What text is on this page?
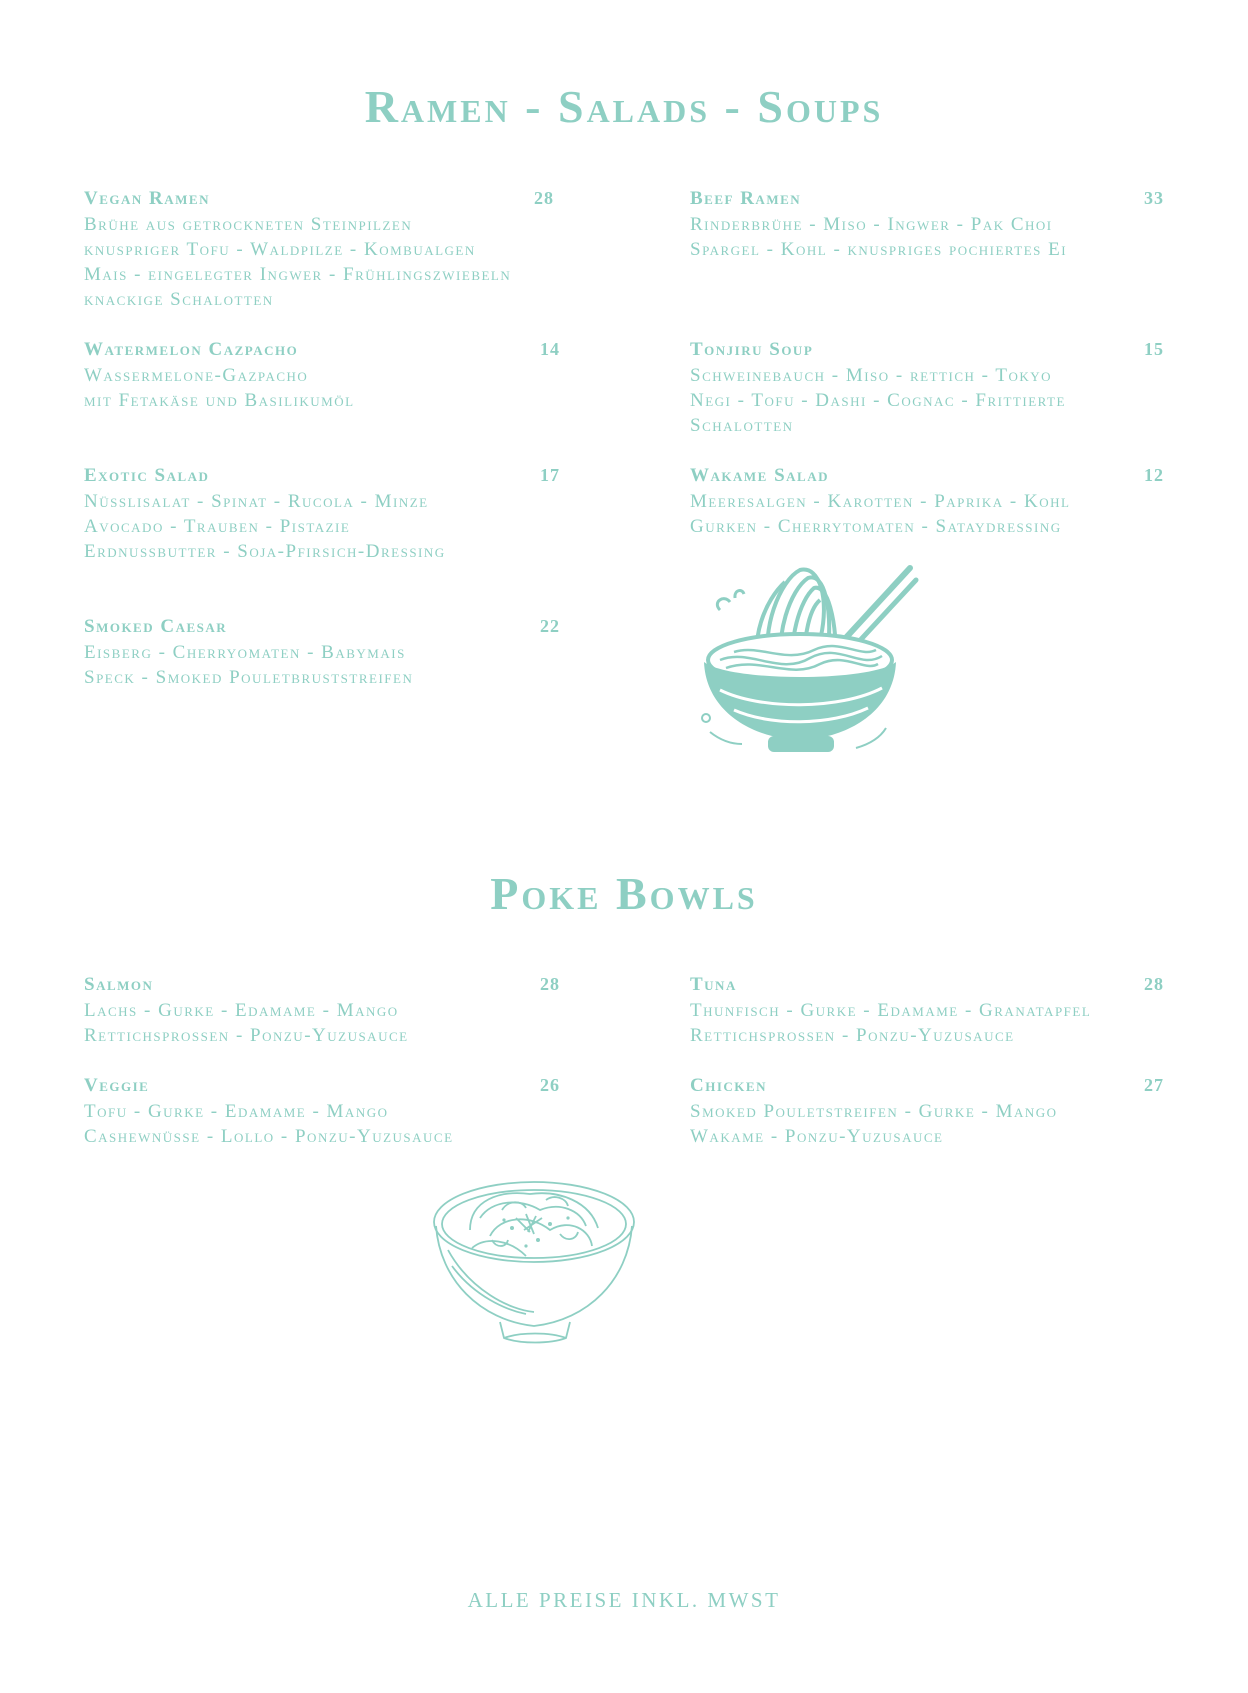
Ramen - Salads - Soups
Vegan Ramen	28

Brühe aus getrockneten Steinpilzen
knuspriger Tofu - Waldpilze - Kombualgen
Mais - eingelegter Ingwer - Frühlingszwiebeln
knackige Schalotten

Beef Ramen	33

Rinderbrühe - Miso - Ingwer - Pak Choi
Spargel - Kohl - knuspriges pochiertes Ei

Watermelon Cazpacho	14

Wassermelone-Gazpacho
mit Fetakäse und Basilikumöl

Tonjiru Soup	15

Schweinebauch - Miso - rettich - Tokyo
Negi - Tofu - Dashi - Cognac - Frittierte
Schalotten

Exotic Salad	17

Nüsslisalat - Spinat - Rucola - Minze
Avocado - Trauben - Pistazie
Erdnussbutter - Soja-Pfirsich-Dressing

Wakame Salad	12

Meeresalgen - Karotten - Paprika - Kohl
Gurken - Cherrytomaten - Sataydressing

Smoked Caesar	22

Eisberg - Cherryomaten - Babymais
Speck - Smoked Pouletbruststreifen

Poke Bowls
Salmon	28

Lachs - Gurke - Edamame - Mango
Rettichsprossen - Ponzu-Yuzusauce

Tuna	28

Thunfisch - Gurke - Edamame - Granatapfel
Rettichsprossen - Ponzu-Yuzusauce

Veggie	26

Tofu - Gurke - Edamame - Mango
Cashewnüsse - Lollo - Ponzu-Yuzusauce

Chicken	27

Smoked Pouletstreifen - Gurke - Mango
Wakame - Ponzu-Yuzusauce

ALLE PREISE INKL. MWST
